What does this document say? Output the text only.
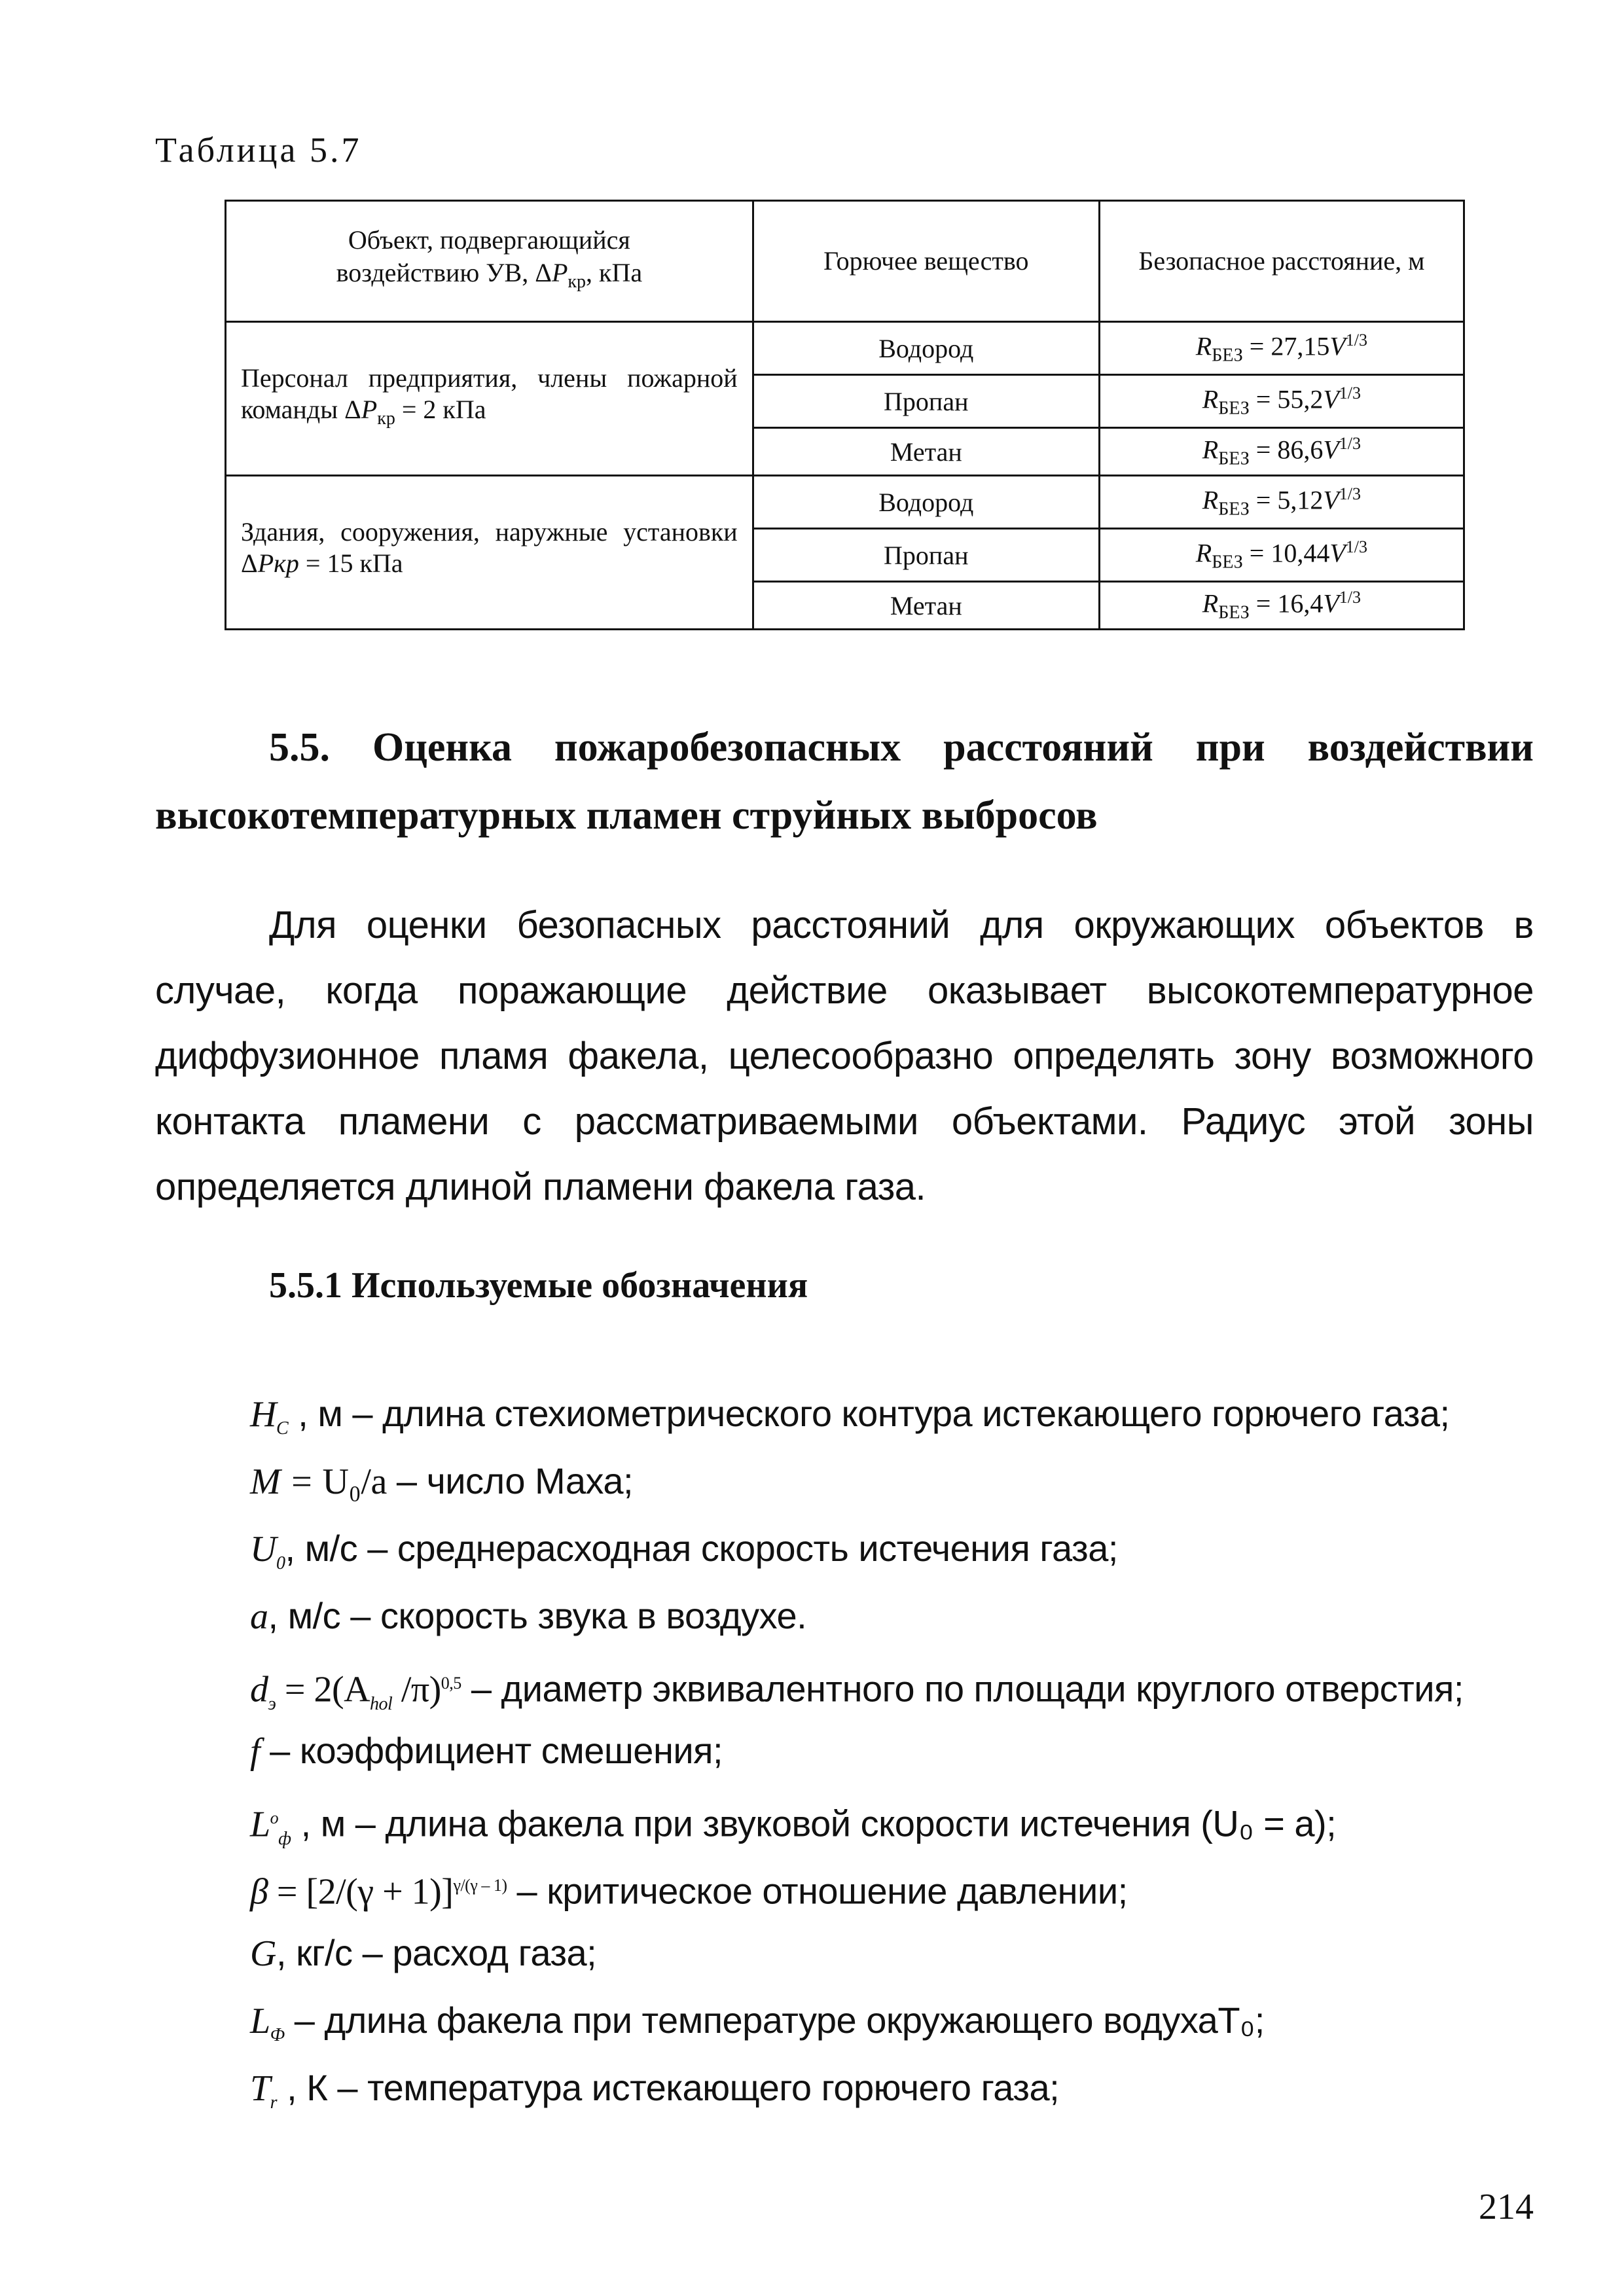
Таблица 5.7
Объект, подвергающийся
воздействию УВ, $\Delta P_{кр}$, кПа	Горючее вещество	Безопасное расстояние, м
Персонал предприятия, члены пожарной команды $\Delta P_{кр} = 2$ кПа	Водород	$R_{БЕЗ} = 27,15V^{1/3}$
	Пропан	$R_{БЕЗ} = 55,2V^{1/3}$
	Метан	$R_{БЕЗ} = 86,6V^{1/3}$
Здания, сооружения, наружные установки ΔPкр = 15 кПа	Водород	$R_{БЕЗ} = 5,12V^{1/3}$
	Пропан	$R_{БЕЗ} = 10,44V^{1/3}$
	Метан	$R_{БЕЗ} = 16,4V^{1/3}$
5.5. Оценка пожаробезопасных расстояний при воздействии
высокотемпературных пламен струйных выбросов
Для оценки безопасных расстояний для окружающих объектов в случае, когда поражающие действие оказывает высокотемпературное диффузионное пламя факела, целесообразно определять зону возможного контакта пламени с рассматриваемыми объектами. Радиус этой зоны определяется длиной пламени факела газа.
5.5.1 Используемые обозначения
$H_C$ , м – длина стехиометрического контура истекающего горючего газа;
M = U₀/a – число Маха;
$U_0$, м/с – среднерасходная скорость истечения газа;
a, м/с – скорость звука в воздухе.
$d_э = 2(A_{hol}$ /π)$^{0,5}$ – диаметр эквивалентного по площади круглого отверстия;
f – коэффициент смешения;
$L^o_ф$ , м – длина факела при звуковой скорости истечения (U₀ = a);
$\beta = [2/(\gamma + 1)]^{\gamma/(\gamma - 1)}$ – критическое отношение давлении;
G, кг/с – расход газа;
$L_Ф$ – длина факела при температуре окружающего водухаТ₀;
$T_r$ , К – температура истекающего горючего газа;
214
